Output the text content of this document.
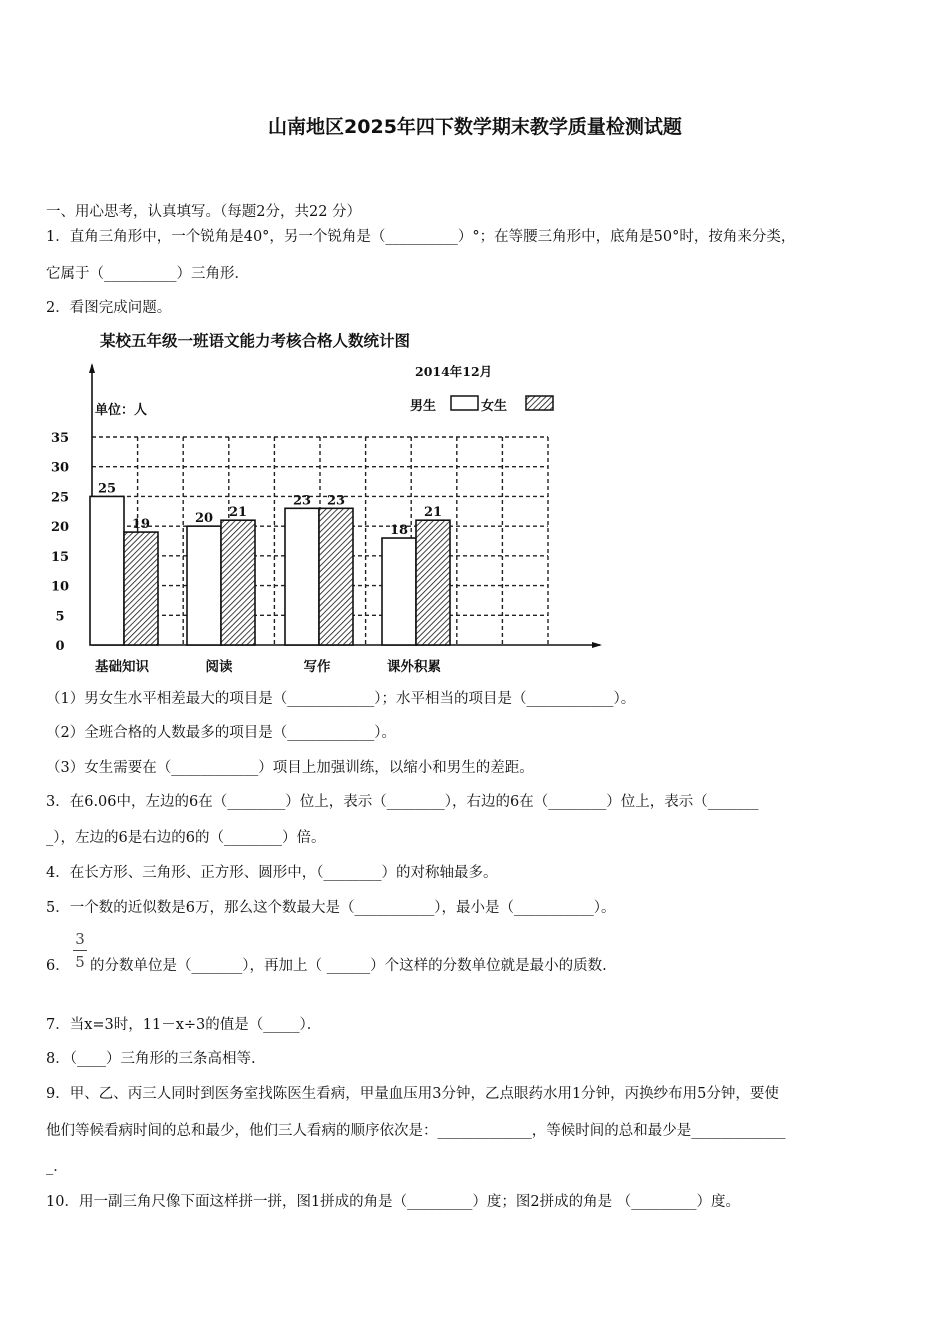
山南地区2025年四下数学期末教学质量检测试题
一、用心思考，认真填写。（每题2分，共22 分）
1．直角三角形中，一个锐角是40°，另一个锐角是（__________）°；在等腰三角形中，底角是50°时，按角来分类，
它属于（__________）三角形．
2．看图完成问题。
某校五年级一班语文能力考核合格人数统计图
2014年12月
单位：人	男生	女生
0
5
10
15
20
25
30
35
25
19	20 21
23 23
18
21
基础知识	阅读	写作	课外积累
（1）男女生水平相差最大的项目是（____________）；水平相当的项目是（____________）。
（2）全班合格的人数最多的项目是（____________）。
（3）女生需要在（____________）项目上加强训练，以缩小和男生的差距。
3．在6.06中，左边的6在（________）位上，表示（________），右边的6在（________）位上，表示（_______
_），左边的6是右边的6的（________）倍。
4．在长方形、三角形、正方形、圆形中，（________）的对称轴最多。
5．一个数的近似数是6万，那么这个数最大是（___________），最小是（___________）。
3
5
6． 的分数单位是（_______），再加上（ ______）个这样的分数单位就是最小的质数.
7．当x=3时，11－x÷3的值是（_____）．
8．（____）三角形的三条高相等.
9．甲、乙、丙三人同时到医务室找陈医生看病，甲量血压用3分钟，乙点眼药水用1分钟，丙换纱布用5分钟，要使
他们等候看病时间的总和最少，他们三人看病的顺序依次是：_____________，等候时间的总和最少是_____________
_．
10．用一副三角尺像下面这样拼一拼，图1拼成的角是（_________）度；图2拼成的角是 （_________）度。
